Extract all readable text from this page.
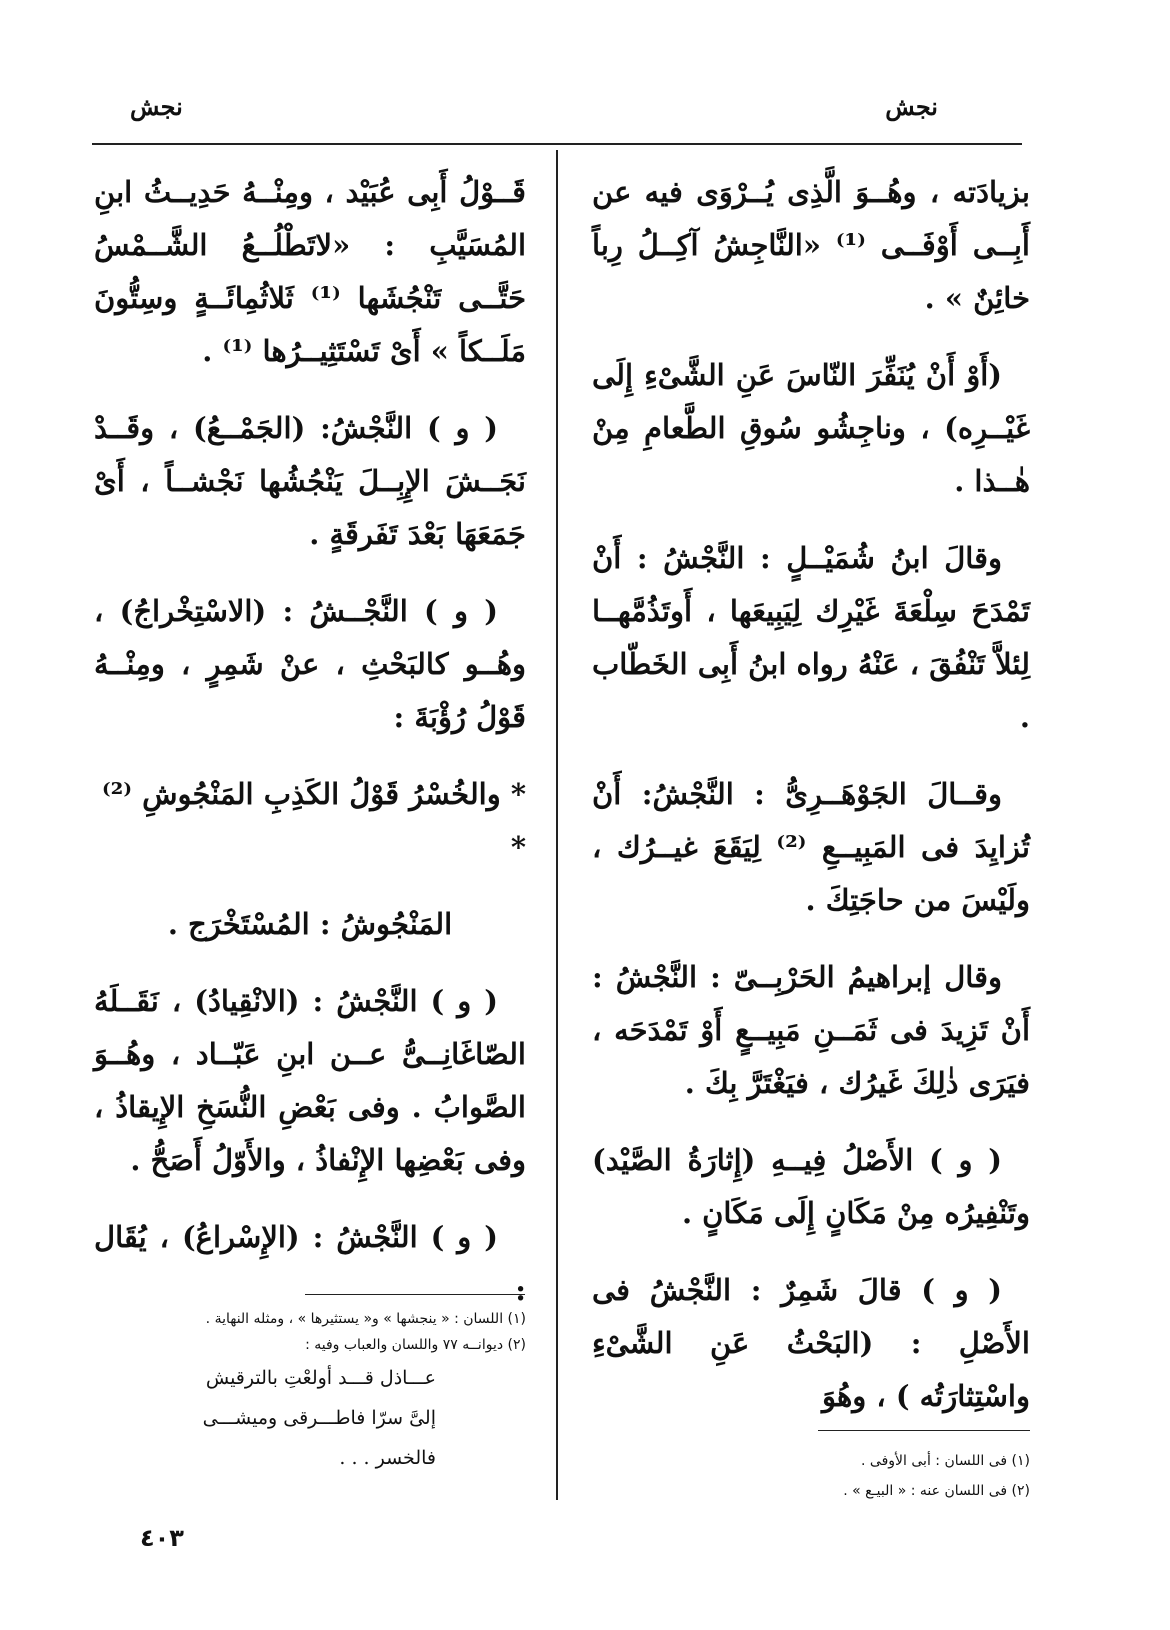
نجش
نجش

بزيادَته ، وهُــوَ الَّذِى يُــرْوَى فيه عن أَبِــى أَوْفَــى ⁽¹⁾ «النَّاجِشُ آكِــلُ رِباً خائِنٌ » .

(أَوْ أَنْ يُنَفِّرَ النّاسَ عَنِ الشَّىْءِ إِلَى غَيْــرِه) ، وناجِشُو سُوقِ الطَّعامِ مِنْ هٰــذا .

وقالَ ابنُ شُمَيْــلٍ : النَّجْشُ : أَنْ تَمْدَحَ سِلْعَةَ غَيْرِك لِيَبِيعَها ، أَوتَذُمَّهــا لِئلاَّ تَنْفُقَ ، عَنْهُ رواه ابنُ أَبِى الخَطّاب .

وقــالَ الجَوْهَــرِىُّ : النَّجْشُ: أَنْ تُزايِدَ فى المَبِيــعِ ⁽²⁾ لِيَقَعَ غيــرُك ، ولَيْسَ من حاجَتِكَ .

وقال إبراهيمُ الحَرْبِــىّ : النَّجْشُ : أَنْ تَزِيدَ فى ثَمَــنِ مَبِيــعٍ أَوْ تَمْدَحَه ، فيَرَى ذٰلِكَ غَيرُك ، فيَغْتَرَّ بِكَ .

( و ) الأَصْلُ فِيــهِ (إِثارَةُ الصَّيْد) وتَنْفِيرُه مِنْ مَكَانٍ إِلَى مَكَانٍ .

( و ) قالَ شَمِرٌ : النَّجْشُ فى الأَصْلِ : (البَحْثُ عَنِ الشَّىْءِ واسْتِثارَتُه ) ، وهُوَ

قَــوْلُ أَبِى عُبَيْد ، ومِنْــهُ حَدِيــثُ ابنِ المُسَيَّبِ : «لاتَطْلُــعُ الشَّــمْسُ حَتَّــى تَنْجُشَها ⁽¹⁾ ثَلاثُمِائَــةٍ وسِتُّونَ مَلَــكاً » أَىْ تَسْتَثِيــرُها ⁽¹⁾ .

( و ) النَّجْشُ: (الجَمْــعُ) ، وقَــدْ نَجَــشَ الإِبِــلَ يَنْجُشُها نَجْشــاً ، أَىْ جَمَعَهَا بَعْدَ تَفَرقَةٍ .

( و ) النَّجْــشُ : (الاسْتِخْراجُ) ، وهُــو كالبَحْثِ ، عنْ شَمِرٍ ، ومِنْــهُ قَوْلُ رُؤْبَةَ :

* والخُسْرُ قَوْلُ الكَذِبِ المَنْجُوشِ ⁽²⁾ *

المَنْجُوشُ : المُسْتَخْرَج .

( و ) النَّجْشُ : (الانْقِيادُ) ، نَقَــلَهُ الصّاغَانِــىُّ عــن ابنِ عَبّــاد ، وهُــوَ الصَّوابُ . وفى بَعْضِ النُّسَخِ الإِيقاذُ ، وفى بَعْضِها الإِنْفاذُ ، والأَوّلُ أَصَحُّ .

( و ) النَّجْشُ : (الإِسْراعُ) ، يُقَال :

(١) فى اللسان : أبى الأوفى .
(٢) فى اللسان عنه : « البيـع » .
(١) اللسان : « ينجشها » و« يستثيرها » ، ومثله النهاية .
(٢) ديوانــه ٧٧ واللسان والعباب وفيه :
عـــاذل قـــد أولعْتِ بالترقيش
إلىَّ سرّا فاطـــرقى وميشـــى
فالخسر . . .
٤٠٣
